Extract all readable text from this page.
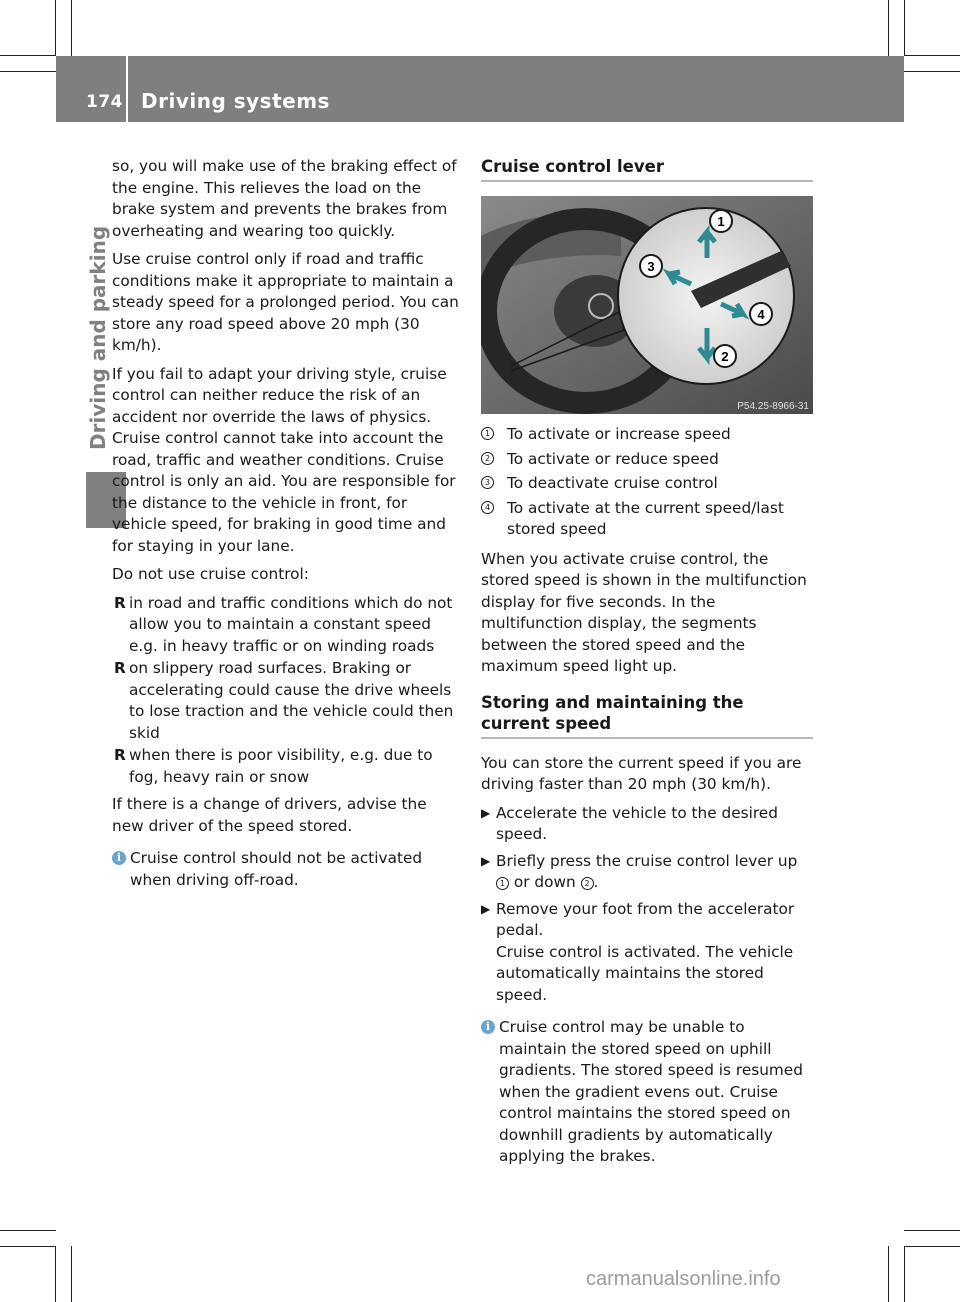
174 Driving systems
Driving and parking

so, you will make use of the braking effect of the engine. This relieves the load on the brake system and prevents the brakes from overheating and wearing too quickly.

Use cruise control only if road and traffic conditions make it appropriate to maintain a steady speed for a prolonged period. You can store any road speed above 20 mph (30 km/h).

If you fail to adapt your driving style, cruise control can neither reduce the risk of an accident nor override the laws of physics. Cruise control cannot take into account the road, traffic and weather conditions. Cruise control is only an aid. You are responsible for the distance to the vehicle in front, for vehicle speed, for braking in good time and for staying in your lane.

Do not use cruise control:

R in road and traffic conditions which do not allow you to maintain a constant speed e.g. in heavy traffic or on winding roads
R on slippery road surfaces. Braking or accelerating could cause the drive wheels to lose traction and the vehicle could then skid
R when there is poor visibility, e.g. due to fog, heavy rain or snow

If there is a change of drivers, advise the new driver of the speed stored.

i Cruise control should not be activated when driving off-road.
Cruise control lever
1
2
3
4
P54.25-8966-31
1 To activate or increase speed
2 To activate or reduce speed
3 To deactivate cruise control
4 To activate at the current speed/last stored speed

When you activate cruise control, the stored speed is shown in the multifunction display for five seconds. In the multifunction display, the segments between the stored speed and the maximum speed light up.

Storing and maintaining the current speed

You can store the current speed if you are driving faster than 20 mph (30 km/h).

▶ Accelerate the vehicle to the desired speed.
▶ Briefly press the cruise control lever up 1 or down 2 .
▶ Remove your foot from the accelerator pedal.
Cruise control is activated. The vehicle automatically maintains the stored speed.
i Cruise control may be unable to maintain the stored speed on uphill gradients. The stored speed is resumed when the gradient evens out. Cruise control maintains the stored speed on downhill gradients by automatically applying the brakes.
carmanualsonline.info
